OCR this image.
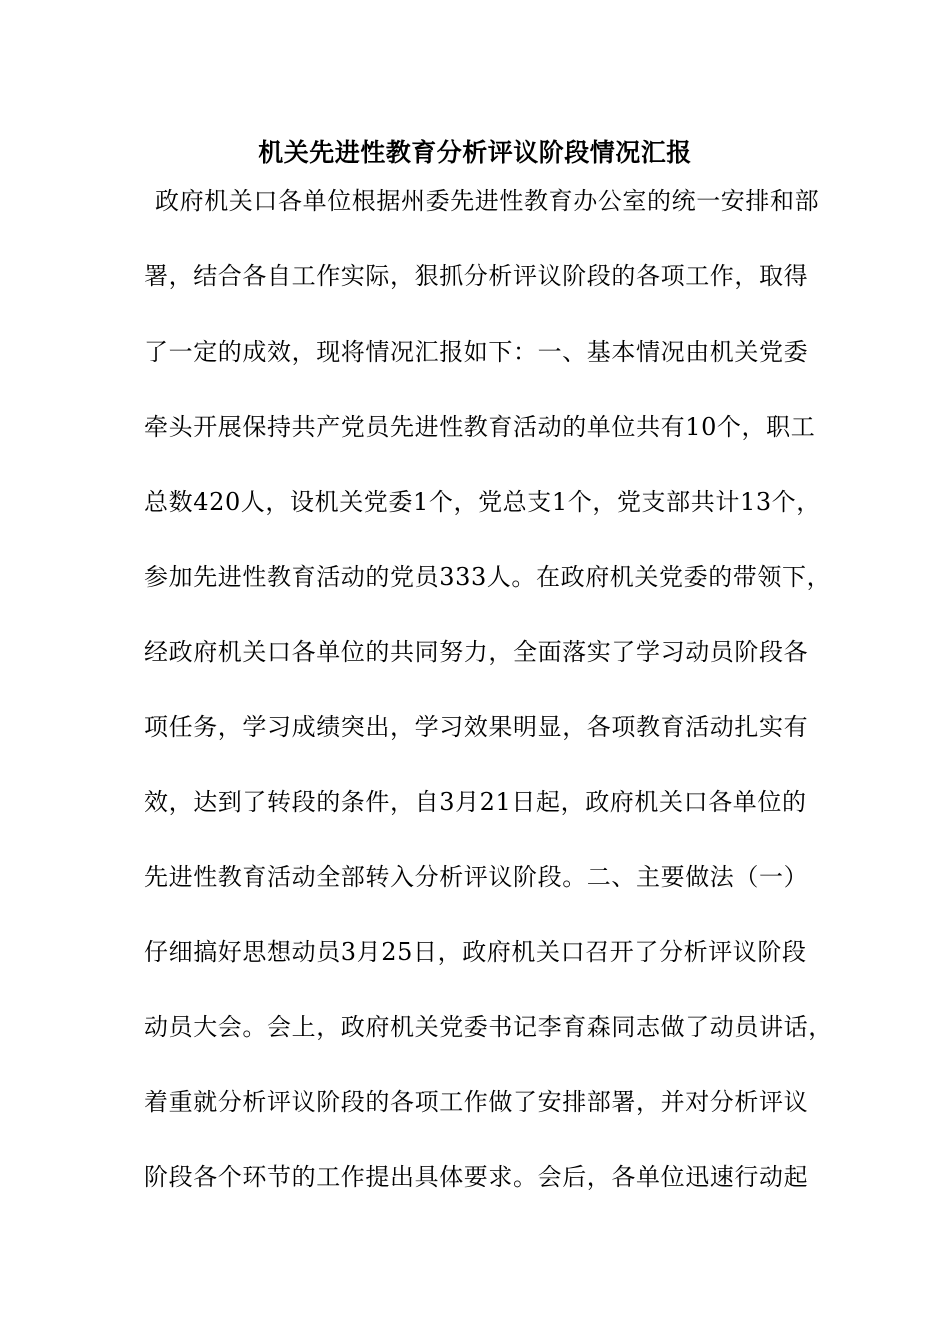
机关先进性教育分析评议阶段情况汇报
政府机关口各单位根据州委先进性教育办公室的统一安排和部
署，结合各自工作实际，狠抓分析评议阶段的各项工作，取得
了一定的成效，现将情况汇报如下：一、基本情况由机关党委
牵头开展保持共产党员先进性教育活动的单位共有10个，职工
总数420人，设机关党委1个，党总支1个，党支部共计13个，
参加先进性教育活动的党员333人。在政府机关党委的带领下，
经政府机关口各单位的共同努力，全面落实了学习动员阶段各
项任务，学习成绩突出，学习效果明显，各项教育活动扎实有
效，达到了转段的条件，自3月21日起，政府机关口各单位的
先进性教育活动全部转入分析评议阶段。二、主要做法（一）
仔细搞好思想动员3月25日，政府机关口召开了分析评议阶段
动员大会。会上，政府机关党委书记李育森同志做了动员讲话，
着重就分析评议阶段的各项工作做了安排部署，并对分析评议
阶段各个环节的工作提出具体要求。会后，各单位迅速行动起
